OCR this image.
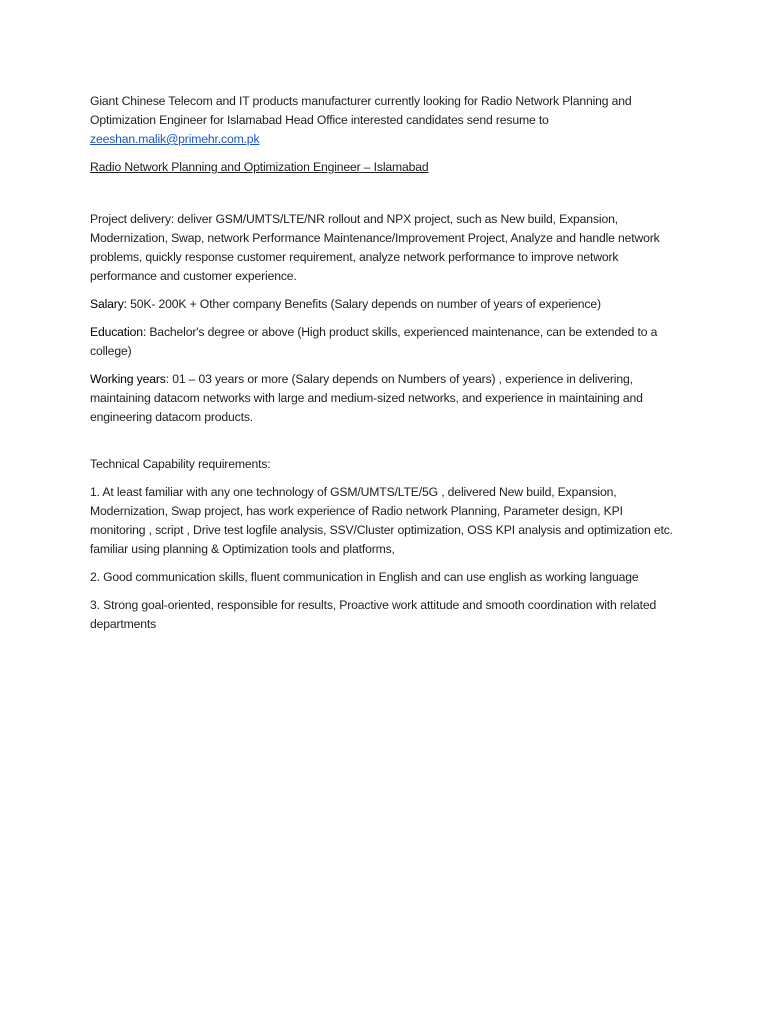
Giant Chinese Telecom and IT products manufacturer currently looking for Radio Network Planning and Optimization Engineer for Islamabad Head Office interested candidates send resume to
zeeshan.malik@primehr.com.pk

Radio Network Planning and Optimization Engineer – Islamabad

Project delivery: deliver GSM/UMTS/LTE/NR rollout and NPX project, such as New build, Expansion, Modernization, Swap, network Performance Maintenance/Improvement Project, Analyze and handle network problems, quickly response customer requirement, analyze network performance to improve network performance and customer experience.

Salary: 50K- 200K + Other company Benefits (Salary depends on number of years of experience)

Education: Bachelor's degree or above (High product skills, experienced maintenance, can be extended to a college)

Working years: 01 – 03 years or more (Salary depends on Numbers of years) , experience in delivering, maintaining datacom networks with large and medium-sized networks, and experience in maintaining and engineering datacom products.

Technical Capability requirements:

1. At least familiar with any one technology of GSM/UMTS/LTE/5G , delivered New build, Expansion, Modernization, Swap project, has work experience of Radio network Planning, Parameter design, KPI monitoring , script , Drive test logfile analysis, SSV/Cluster optimization, OSS KPI analysis and optimization etc. familiar using planning & Optimization tools and platforms,

2. Good communication skills, fluent communication in English and can use english as working language

3. Strong goal-oriented, responsible for results, Proactive work attitude and smooth coordination with related departments
